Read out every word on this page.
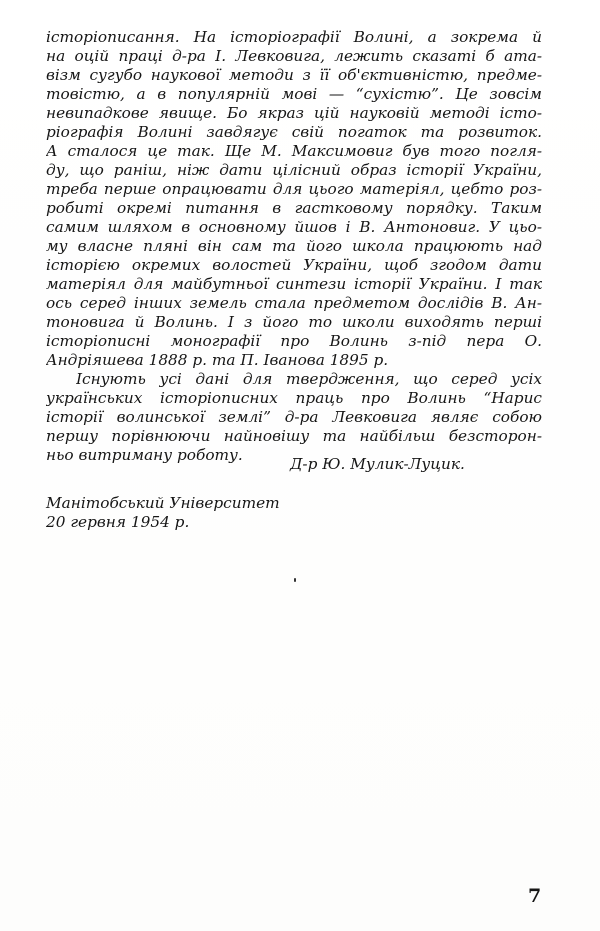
історіописання. На історіографії Волині, а зокрема й
на оцій праці д-ра І. Левковига, лежить сказаті б ата-
візм сугубо наукової методи з її об'єктивністю, предме-
товістю, а в популярній мові — “сухістю”. Це зовсім
невипадкове явище. Бо якраз цій науковій методі істо-
ріографія Волині завдягує свій погаток та розвиток.
А сталося це так. Ще М. Максимовиг був того погля-
ду, що раніш, ніж дати цілісний образ історії України,
треба перше опрацювати для цього матеріял, цебто роз-
робиті окремі питання в гастковому порядку. Таким
самим шляхом в основному йшов і В. Антоновиг. У цьо-
му власне пляні він сам та його школа працюють над
історією окремих волостей України, щоб згодом дати
матеріял для майбутньої синтези історії України. І так
ось серед інших земель стала предметом дослідів В. Ан-
тоновига й Волинь. І з його то школи виходять перші
історіописні монографії про Волинь з-під пера О.
Андріяшева 1888 р. та П. Іванова 1895 р.
Існують усі дані для твердження, що серед усіх
українських історіописних праць про Волинь “Нарис
історії волинської землі” д-ра Левковига являє собою
першу порівнюючи найновішу та найбільш безсторон-
ньо витриману роботу.	Д-р Ю. Мулик-Луцик.
Манітобський Університет
20 гервня 1954 р.
7
